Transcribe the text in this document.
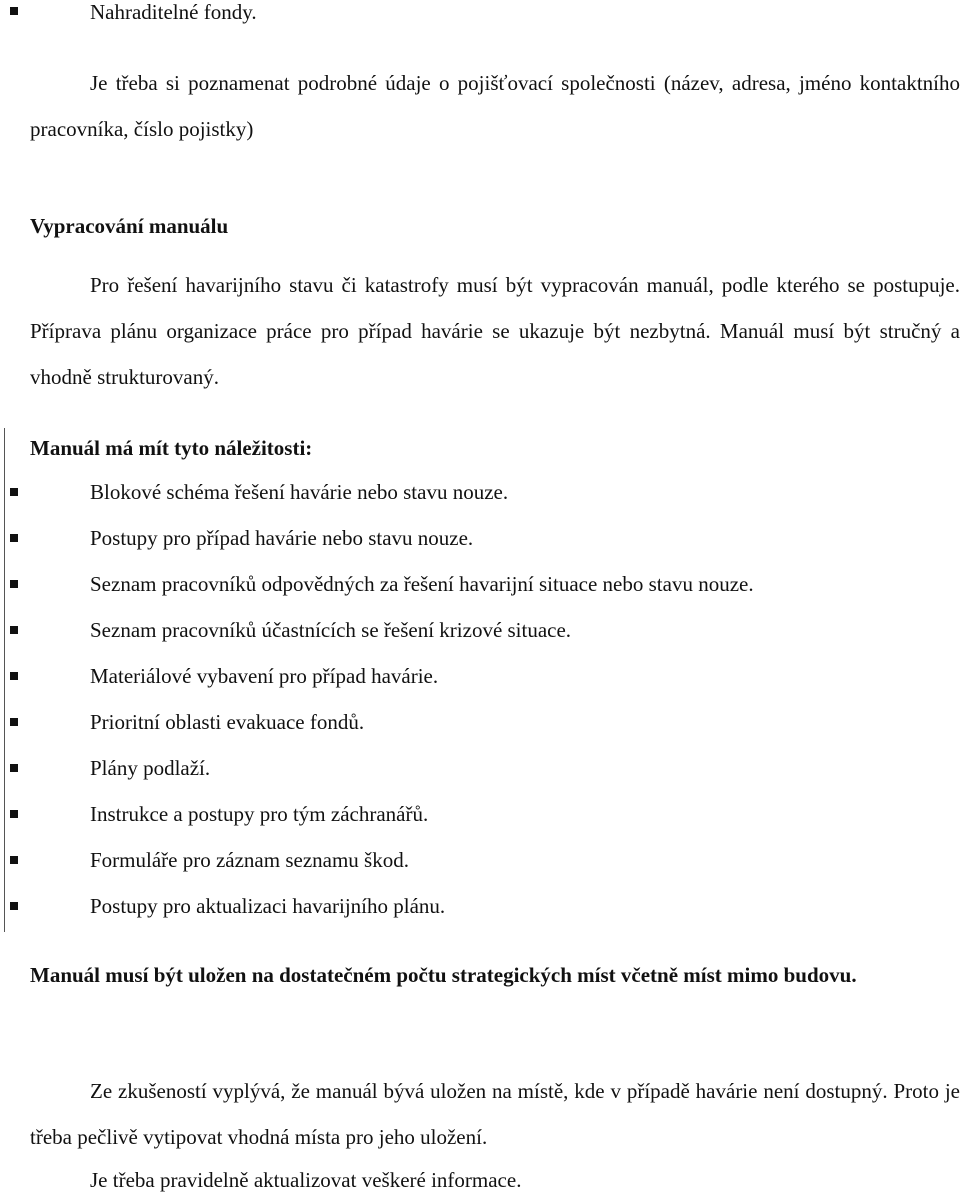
Nahraditelné fondy.

Je třeba si poznamenat podrobné údaje o pojišťovací společnosti (název, adresa, jméno kontaktního pracovníka, číslo pojistky)

Vypracování manuálu

Pro řešení havarijního stavu či katastrofy musí být vypracován manuál, podle kterého se postupuje. Příprava plánu organizace práce pro případ havárie se ukazuje být nezbytná. Manuál musí být stručný a vhodně strukturovaný.

Manuál má mít tyto náležitosti:

Blokové schéma řešení havárie nebo stavu nouze.

Postupy pro případ havárie nebo stavu nouze.

Seznam pracovníků odpovědných za řešení havarijní situace nebo stavu nouze.

Seznam pracovníků účastnících se řešení krizové situace.

Materiálové vybavení pro případ havárie.

Prioritní oblasti evakuace fondů.

Plány podlaží.

Instrukce a postupy pro tým záchranářů.

Formuláře pro záznam seznamu škod.

Postupy pro aktualizaci havarijního plánu.

Manuál musí být uložen na dostatečném počtu strategických míst včetně míst mimo budovu.

Ze zkušeností vyplývá, že manuál bývá uložen na místě, kde v případě havárie není dostupný. Proto je třeba pečlivě vytipovat vhodná místa pro jeho uložení.

Je třeba pravidelně aktualizovat veškeré informace.
